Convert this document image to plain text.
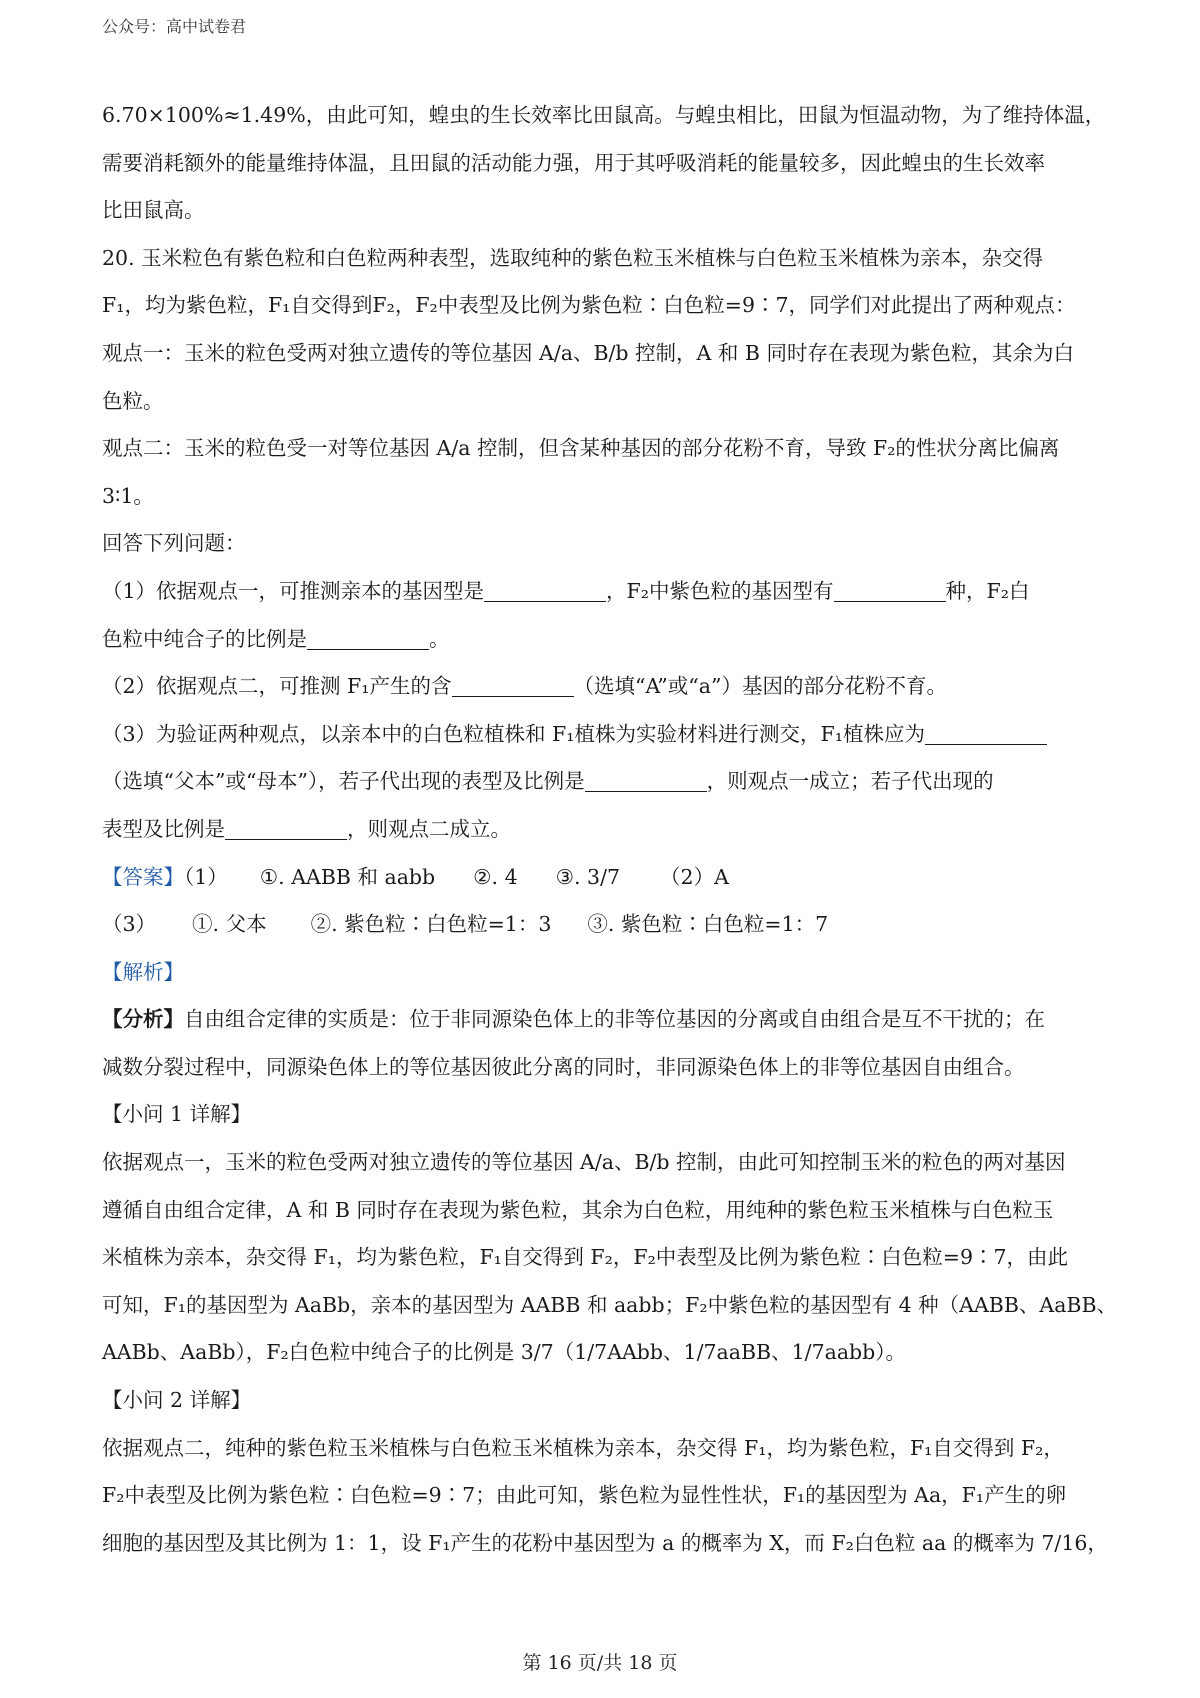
公众号：高中试卷君
6.70×100%≈1.49%，由此可知，蝗虫的生长效率比田鼠高。与蝗虫相比，田鼠为恒温动物，为了维持体温，
需要消耗额外的能量维持体温，且田鼠的活动能力强，用于其呼吸消耗的能量较多，因此蝗虫的生长效率
比田鼠高。
20. 玉米粒色有紫色粒和白色粒两种表型，选取纯种的紫色粒玉米植株与白色粒玉米植株为亲本，杂交得
F₁，均为紫色粒，F₁自交得到F₂，F₂中表型及比例为紫色粒∶白色粒=9∶7，同学们对此提出了两种观点：
观点一：玉米的粒色受两对独立遗传的等位基因 A/a、B/b 控制，A 和 B 同时存在表现为紫色粒，其余为白
色粒。
观点二：玉米的粒色受一对等位基因 A/a 控制，但含某种基因的部分花粉不育，导致 F₂的性状分离比偏离
3∶1。
回答下列问题：
（1）依据观点一，可推测亲本的基因型是	，F₂中紫色粒的基因型有	种，F₂白
色粒中纯合子的比例是	。
（2）依据观点二，可推测 F₁产生的含	（选填“A”或“a”）基因的部分花粉不育。
（3）为验证两种观点，以亲本中的白色粒植株和 F₁植株为实验材料进行测交，F₁植株应为
（选填“父本”或“母本”），若子代出现的表型及比例是	，则观点一成立；若子代出现的
表型及比例是	，则观点二成立。
【答案】（1） ①. AABB 和 aabb ②. 4 ③. 3/7 （2）A
（3） ①. 父本 ②. 紫色粒∶白色粒=1：3 ③. 紫色粒∶白色粒=1：7
【解析】
【分析】自由组合定律的实质是：位于非同源染色体上的非等位基因的分离或自由组合是互不干扰的；在
减数分裂过程中，同源染色体上的等位基因彼此分离的同时，非同源染色体上的非等位基因自由组合。
【小问 1 详解】
依据观点一，玉米的粒色受两对独立遗传的等位基因 A/a、B/b 控制，由此可知控制玉米的粒色的两对基因
遵循自由组合定律，A 和 B 同时存在表现为紫色粒，其余为白色粒，用纯种的紫色粒玉米植株与白色粒玉
米植株为亲本，杂交得 F₁，均为紫色粒，F₁自交得到 F₂，F₂中表型及比例为紫色粒∶白色粒=9∶7，由此
可知，F₁的基因型为 AaBb，亲本的基因型为 AABB 和 aabb；F₂中紫色粒的基因型有 4 种（AABB、AaBB、
AABb、AaBb），F₂白色粒中纯合子的比例是 3/7（1/7AAbb、1/7aaBB、1/7aabb）。
【小问 2 详解】
依据观点二，纯种的紫色粒玉米植株与白色粒玉米植株为亲本，杂交得 F₁，均为紫色粒，F₁自交得到 F₂，
F₂中表型及比例为紫色粒∶白色粒=9∶7；由此可知，紫色粒为显性性状，F₁的基因型为 Aa，F₁产生的卵
细胞的基因型及其比例为 1：1，设 F₁产生的花粉中基因型为 a 的概率为 X，而 F₂白色粒 aa 的概率为 7/16，
第 16 页/共 18 页
